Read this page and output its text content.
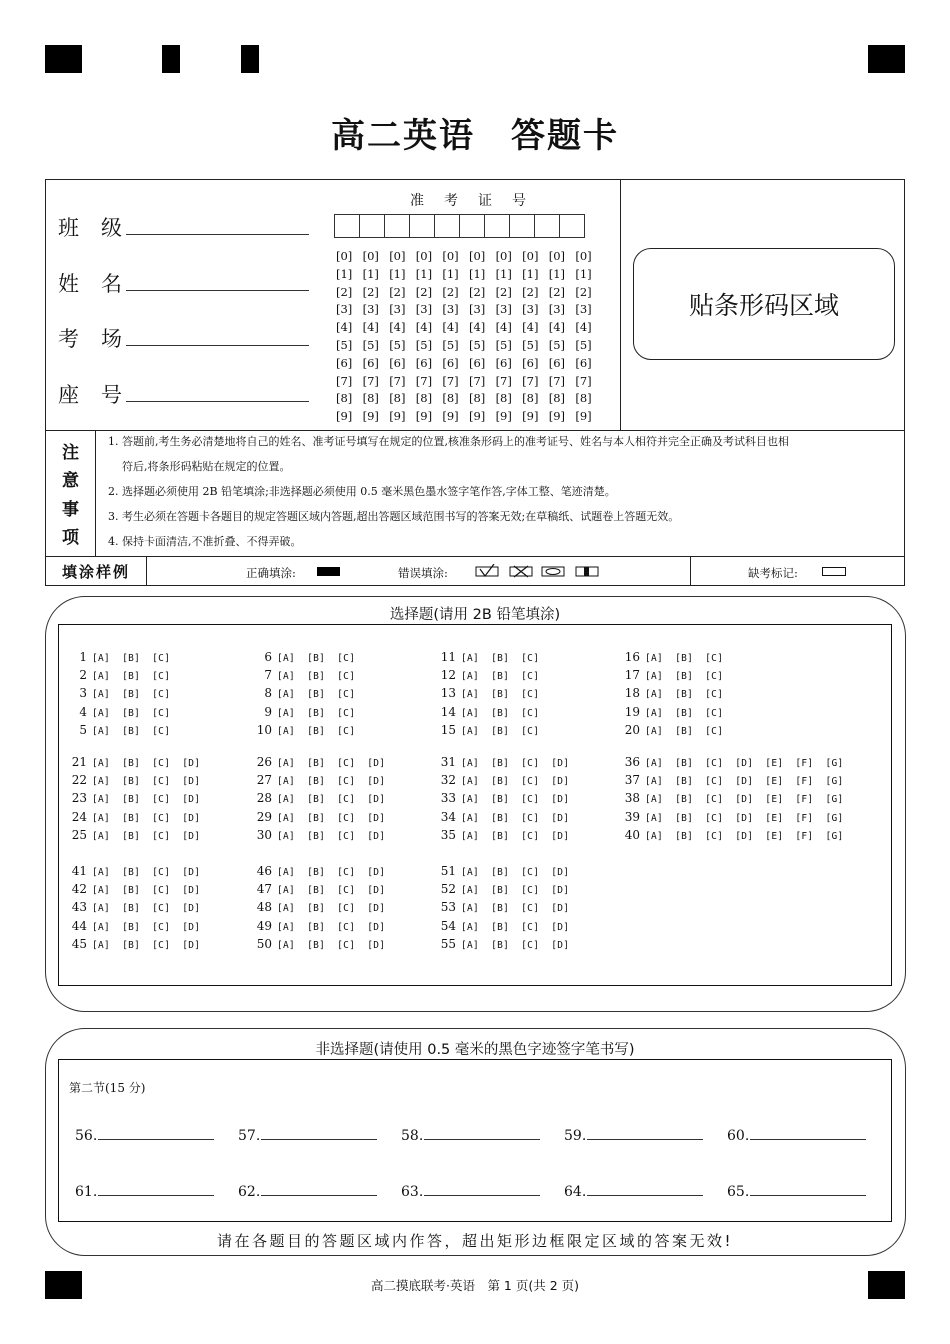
高二英语 答题卡
班级
姓名
考场
座号
准考证号
[0] [0] [0] [0] [0] [0] [0] [0] [0] [0]
[1] [1] [1] [1] [1] [1] [1] [1] [1] [1]
[2] [2] [2] [2] [2] [2] [2] [2] [2] [2]
[3] [3] [3] [3] [3] [3] [3] [3] [3] [3]
[4] [4] [4] [4] [4] [4] [4] [4] [4] [4]
[5] [5] [5] [5] [5] [5] [5] [5] [5] [5]
[6] [6] [6] [6] [6] [6] [6] [6] [6] [6]
[7] [7] [7] [7] [7] [7] [7] [7] [7] [7]
[8] [8] [8] [8] [8] [8] [8] [8] [8] [8]
[9] [9] [9] [9] [9] [9] [9] [9] [9] [9]
贴条形码区域
注
意
事
项
1. 答题前,考生务必清楚地将自己的姓名、准考证号填写在规定的位置,核准条形码上的准考证号、姓名与本人相符并完全正确及考试科目也相
符后,将条形码粘贴在规定的位置。
2. 选择题必须使用 2B 铅笔填涂;非选择题必须使用 0.5 毫米黑色墨水签字笔作答,字体工整、笔迹清楚。
3. 考生必须在答题卡各题目的规定答题区域内答题,超出答题区域范围书写的答案无效;在草稿纸、试题卷上答题无效。
4. 保持卡面清洁,不准折叠、不得弄破。
填涂样例	正确填涂:	错误填涂:	缺考标记:
选择题(请用 2B 铅笔填涂)
1 [A] [B] [C]
2 [A] [B] [C]
3 [A] [B] [C]
4 [A] [B] [C]
5 [A] [B] [C]
6 [A] [B] [C]
7 [A] [B] [C]
8 [A] [B] [C]
9 [A] [B] [C]
10 [A] [B] [C]
11 [A] [B] [C]
12 [A] [B] [C]
13 [A] [B] [C]
14 [A] [B] [C]
15 [A] [B] [C]
16 [A] [B] [C]
17 [A] [B] [C]
18 [A] [B] [C]
19 [A] [B] [C]
20 [A] [B] [C]
21 [A] [B] [C] [D]
22 [A] [B] [C] [D]
23 [A] [B] [C] [D]
24 [A] [B] [C] [D]
25 [A] [B] [C] [D]
26 [A] [B] [C] [D]
27 [A] [B] [C] [D]
28 [A] [B] [C] [D]
29 [A] [B] [C] [D]
30 [A] [B] [C] [D]
31 [A] [B] [C] [D]
32 [A] [B] [C] [D]
33 [A] [B] [C] [D]
34 [A] [B] [C] [D]
35 [A] [B] [C] [D]
36 [A] [B] [C] [D] [E] [F] [G]
37 [A] [B] [C] [D] [E] [F] [G]
38 [A] [B] [C] [D] [E] [F] [G]
39 [A] [B] [C] [D] [E] [F] [G]
40 [A] [B] [C] [D] [E] [F] [G]
41 [A] [B] [C] [D]
42 [A] [B] [C] [D]
43 [A] [B] [C] [D]
44 [A] [B] [C] [D]
45 [A] [B] [C] [D]
46 [A] [B] [C] [D]
47 [A] [B] [C] [D]
48 [A] [B] [C] [D]
49 [A] [B] [C] [D]
50 [A] [B] [C] [D]
51 [A] [B] [C] [D]
52 [A] [B] [C] [D]
53 [A] [B] [C] [D]
54 [A] [B] [C] [D]
55 [A] [B] [C] [D]
非选择题(请使用 0.5 毫米的黑色字迹签字笔书写)
第二节(15 分)
56.	57.	58.	59.	60.
61.	62.	63.	64.	65.
请在各题目的答题区域内作答，超出矩形边框限定区域的答案无效!
高二摸底联考·英语　第 1 页(共 2 页)
